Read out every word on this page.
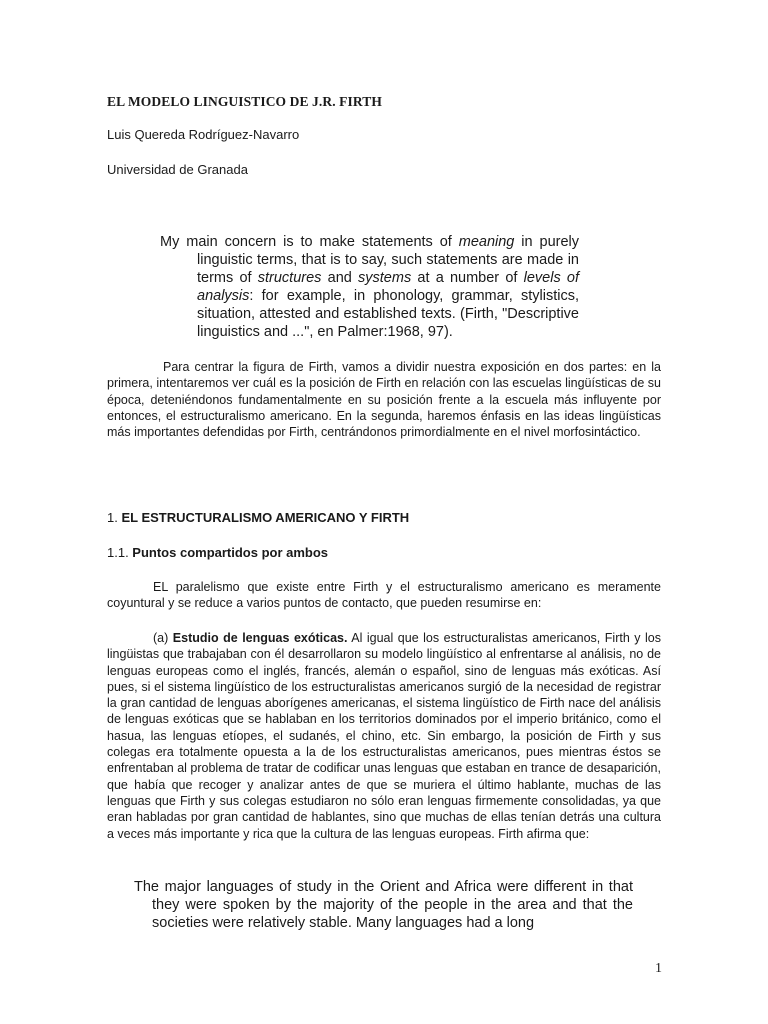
EL MODELO LINGUISTICO DE J.R. FIRTH

Luis Quereda Rodríguez-Navarro

Universidad de Granada

My main concern is to make statements of meaning in purely linguistic terms, that is to say, such statements are made in terms of structures and systems at a number of levels of analysis: for example, in phonology, grammar, stylistics, situation, attested and established texts. (Firth, "Descriptive linguistics and ...", en Palmer:1968, 97).

Para centrar la figura de Firth, vamos a dividir nuestra exposición en dos partes: en la primera, intentaremos ver cuál es la posición de Firth en relación con las escuelas lingüísticas de su época, deteniéndonos fundamentalmente en su posición frente a la escuela más influyente por entonces, el estructuralismo americano. En la segunda, haremos énfasis en las ideas lingüísticas más importantes defendidas por Firth, centrándonos primordialmente en el nivel morfosintáctico.

1. EL ESTRUCTURALISMO AMERICANO Y FIRTH

1.1. Puntos compartidos por ambos

EL paralelismo que existe entre Firth y el estructuralismo americano es meramente coyuntural y se reduce a varios puntos de contacto, que pueden resumirse en:

(a) Estudio de lenguas exóticas. Al igual que los estructuralistas americanos, Firth y los lingüistas que trabajaban con él desarrollaron su modelo lingüístico al enfrentarse al análisis, no de lenguas europeas como el inglés, francés, alemán o español, sino de lenguas más exóticas. Así pues, si el sistema lingüístico de los estructuralistas americanos surgió de la necesidad de registrar la gran cantidad de lenguas aborígenes americanas, el sistema lingüístico de Firth nace del análisis de lenguas exóticas que se hablaban en los territorios dominados por el imperio británico, como el hasua, las lenguas etíopes, el sudanés, el chino, etc. Sin embargo, la posición de Firth y sus colegas era totalmente opuesta a la de los estructuralistas americanos, pues mientras éstos se enfrentaban al problema de tratar de codificar unas lenguas que estaban en trance de desaparición, que había que recoger y analizar antes de que se muriera el último hablante, muchas de las lenguas que Firth y sus colegas estudiaron no sólo eran lenguas firmemente consolidadas, ya que eran habladas por gran cantidad de hablantes, sino que muchas de ellas tenían detrás una cultura a veces más importante y rica que la cultura de las lenguas europeas. Firth afirma que:

The major languages of study in the Orient and Africa were different in that they were spoken by the majority of the people in the area and that the societies were relatively stable. Many languages had a long

1
